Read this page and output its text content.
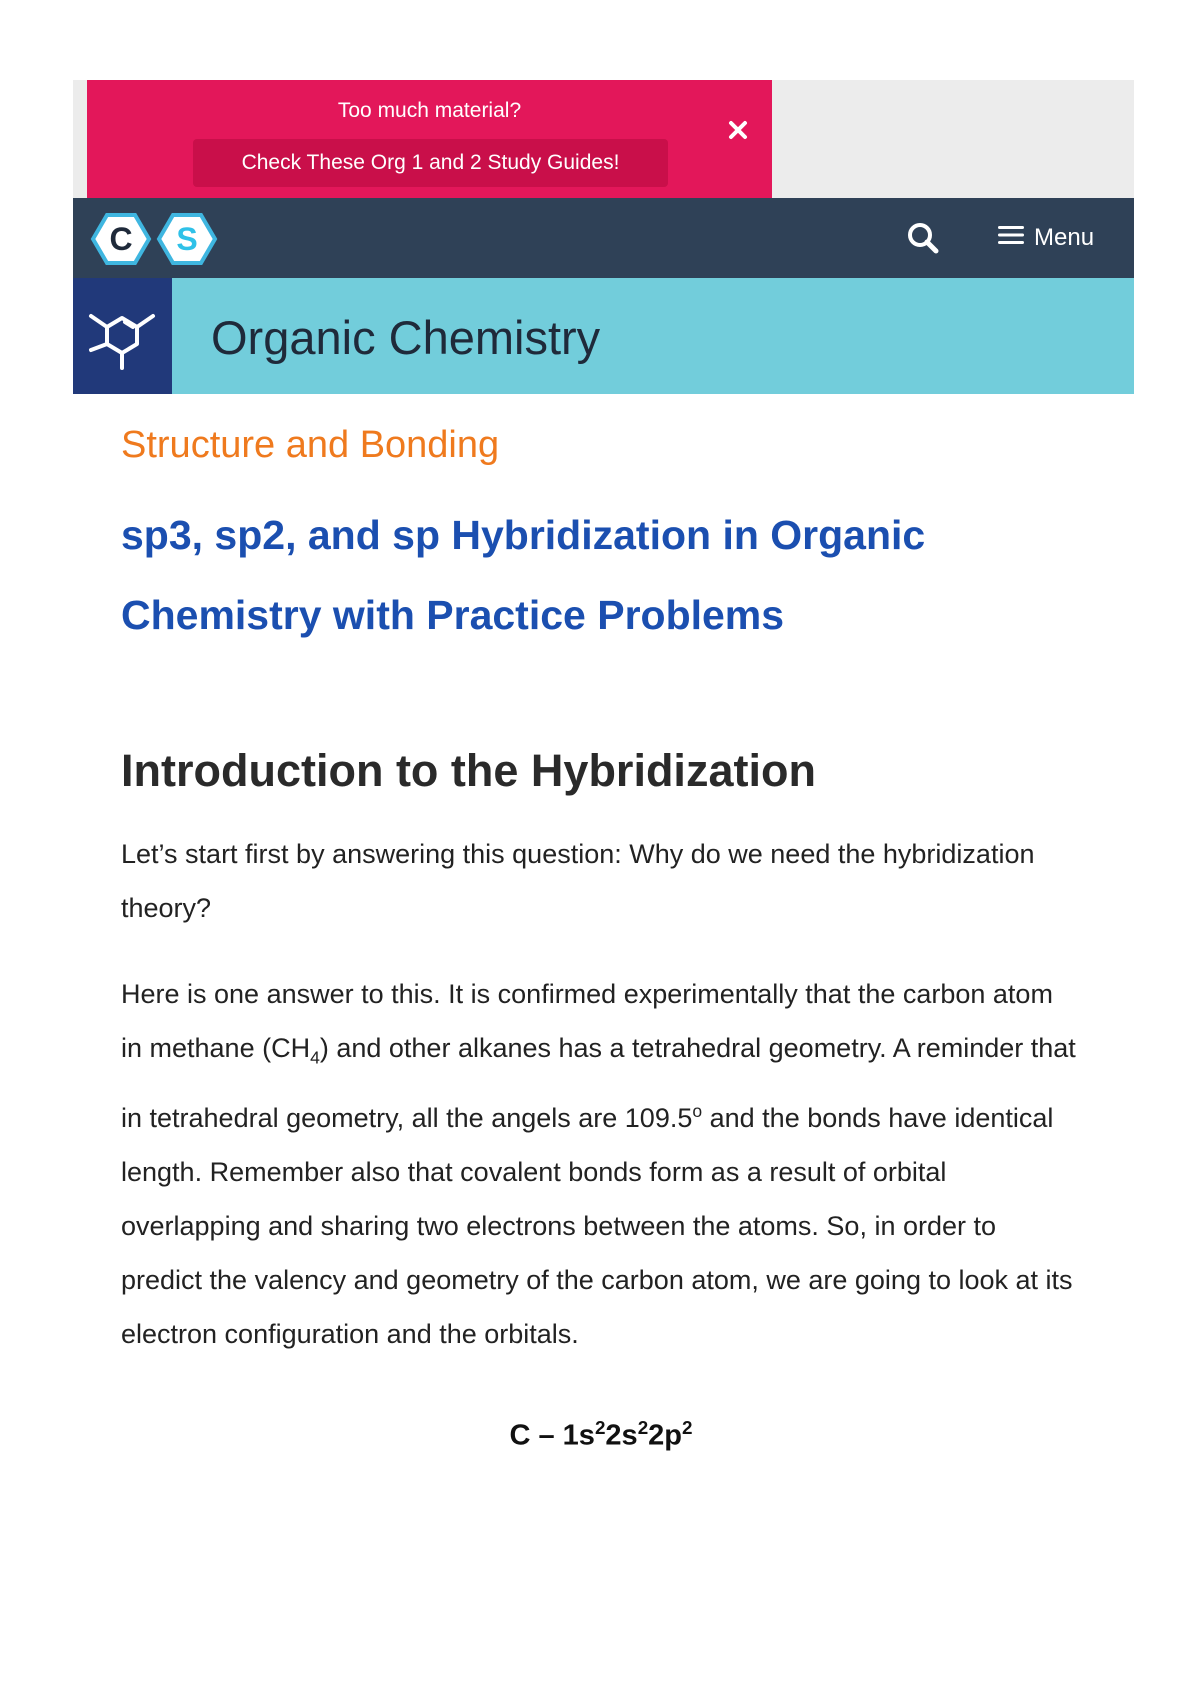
Too much material?
Check These Org 1 and 2 Study Guides!
C S	Menu
Organic Chemistry
Structure and Bonding
sp3, sp2, and sp Hybridization in Organic
Chemistry with Practice Problems
Introduction to the Hybridization

Let’s start first by answering this question: Why do we need the hybridization theory?

Here is one answer to this. It is confirmed experimentally that the carbon atom in methane $(CH_4)$ and other alkanes has a tetrahedral geometry. A reminder that in tetrahedral geometry, all the angels are 109.5$^o$ and the bonds have identical length. Remember also that covalent bonds form as a result of orbital overlapping and sharing two electrons between the atoms. So, in order to predict the valency and geometry of the carbon atom, we are going to look at its electron configuration and the orbitals.

C – $1s^22s^22p^2$
